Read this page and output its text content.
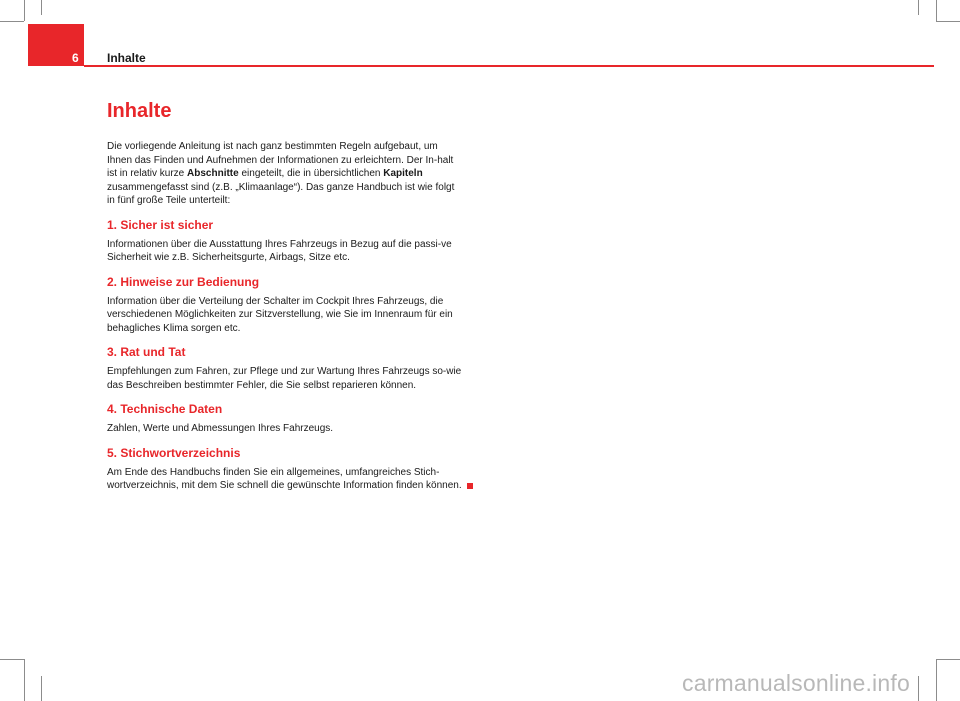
6 Inhalte
Inhalte

Die vorliegende Anleitung ist nach ganz bestimmten Regeln aufgebaut, um Ihnen das Finden und Aufnehmen der Informationen zu erleichtern. Der In-halt ist in relativ kurze Abschnitte eingeteilt, die in übersichtlichen Kapiteln zusammengefasst sind (z.B. „Klimaanlage“). Das ganze Handbuch ist wie folgt in fünf große Teile unterteilt:

1. Sicher ist sicher

Informationen über die Ausstattung Ihres Fahrzeugs in Bezug auf die passi-ve Sicherheit wie z.B. Sicherheitsgurte, Airbags, Sitze etc.

2. Hinweise zur Bedienung

Information über die Verteilung der Schalter im Cockpit Ihres Fahrzeugs, die verschiedenen Möglichkeiten zur Sitzverstellung, wie Sie im Innenraum für ein behagliches Klima sorgen etc.

3. Rat und Tat

Empfehlungen zum Fahren, zur Pflege und zur Wartung Ihres Fahrzeugs so-wie das Beschreiben bestimmter Fehler, die Sie selbst reparieren können.

4. Technische Daten

Zahlen, Werte und Abmessungen Ihres Fahrzeugs.

5. Stichwortverzeichnis

Am Ende des Handbuchs finden Sie ein allgemeines, umfangreiches Stich-wortverzeichnis, mit dem Sie schnell die gewünschte Information finden können.

carmanualsonline.info
